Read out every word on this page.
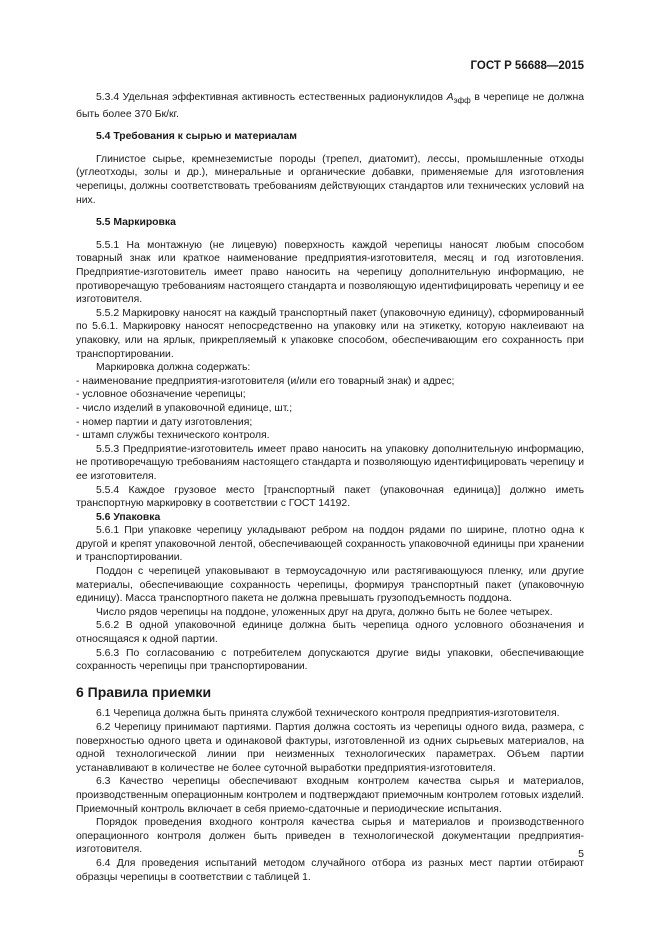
ГОСТ Р 56688—2015

5.3.4 Удельная эффективная активность естественных радионуклидов $A_{эфф}$ в черепице не должна быть более 370 Бк/кг.

5.4 Требования к сырью и материалам

Глинистое сырье, кремнеземистые породы (трепел, диатомит), лессы, промышленные отходы (углеотходы, золы и др.), минеральные и органические добавки, применяемые для изготовления черепицы, должны соответствовать требованиям действующих стандартов или технических условий на них.

5.5 Маркировка

5.5.1 На монтажную (не лицевую) поверхность каждой черепицы наносят любым способом товарный знак или краткое наименование предприятия-изготовителя, месяц и год изготовления. Предприятие-изготовитель имеет право наносить на черепицу дополнительную информацию, не противоречащую требованиям настоящего стандарта и позволяющую идентифицировать черепицу и ее изготовителя.

5.5.2 Маркировку наносят на каждый транспортный пакет (упаковочную единицу), сформированный по 5.6.1. Маркировку наносят непосредственно на упаковку или на этикетку, которую наклеивают на упаковку, или на ярлык, прикрепляемый к упаковке способом, обеспечивающим его сохранность при транспортировании.

Маркировка должна содержать:

- наименование предприятия-изготовителя (и/или его товарный знак) и адрес;

- условное обозначение черепицы;

- число изделий в упаковочной единице, шт.;

- номер партии и дату изготовления;

- штамп службы технического контроля.

5.5.3 Предприятие-изготовитель имеет право наносить на упаковку дополнительную информацию, не противоречащую требованиям настоящего стандарта и позволяющую идентифицировать черепицу и ее изготовителя.

5.5.4 Каждое грузовое место [транспортный пакет (упаковочная единица)] должно иметь транспортную маркировку в соответствии с ГОСТ 14192.

5.6 Упаковка

5.6.1 При упаковке черепицу укладывают ребром на поддон рядами по ширине, плотно одна к другой и крепят упаковочной лентой, обеспечивающей сохранность упаковочной единицы при хранении и транспортировании.

Поддон с черепицей упаковывают в термоусадочную или растягивающуюся пленку, или другие материалы, обеспечивающие сохранность черепицы, формируя транспортный пакет (упаковочную единицу). Масса транспортного пакета не должна превышать грузоподъемность поддона.

Число рядов черепицы на поддоне, уложенных друг на друга, должно быть не более четырех.

5.6.2 В одной упаковочной единице должна быть черепица одного условного обозначения и относящаяся к одной партии.

5.6.3 По согласованию с потребителем допускаются другие виды упаковки, обеспечивающие сохранность черепицы при транспортировании.

6 Правила приемки

6.1 Черепица должна быть принята службой технического контроля предприятия-изготовителя.

6.2 Черепицу принимают партиями. Партия должна состоять из черепицы одного вида, размера, с поверхностью одного цвета и одинаковой фактуры, изготовленной из одних сырьевых материалов, на одной технологической линии при неизменных технологических параметрах. Объем партии устанавливают в количестве не более суточной выработки предприятия-изготовителя.

6.3 Качество черепицы обеспечивают входным контролем качества сырья и материалов, производственным операционным контролем и подтверждают приемочным контролем готовых изделий. Приемочный контроль включает в себя приемо-сдаточные и периодические испытания.

Порядок проведения входного контроля качества сырья и материалов и производственного операционного контроля должен быть приведен в технологической документации предприятия-изготовителя.

6.4 Для проведения испытаний методом случайного отбора из разных мест партии отбирают образцы черепицы в соответствии с таблицей 1.

5
